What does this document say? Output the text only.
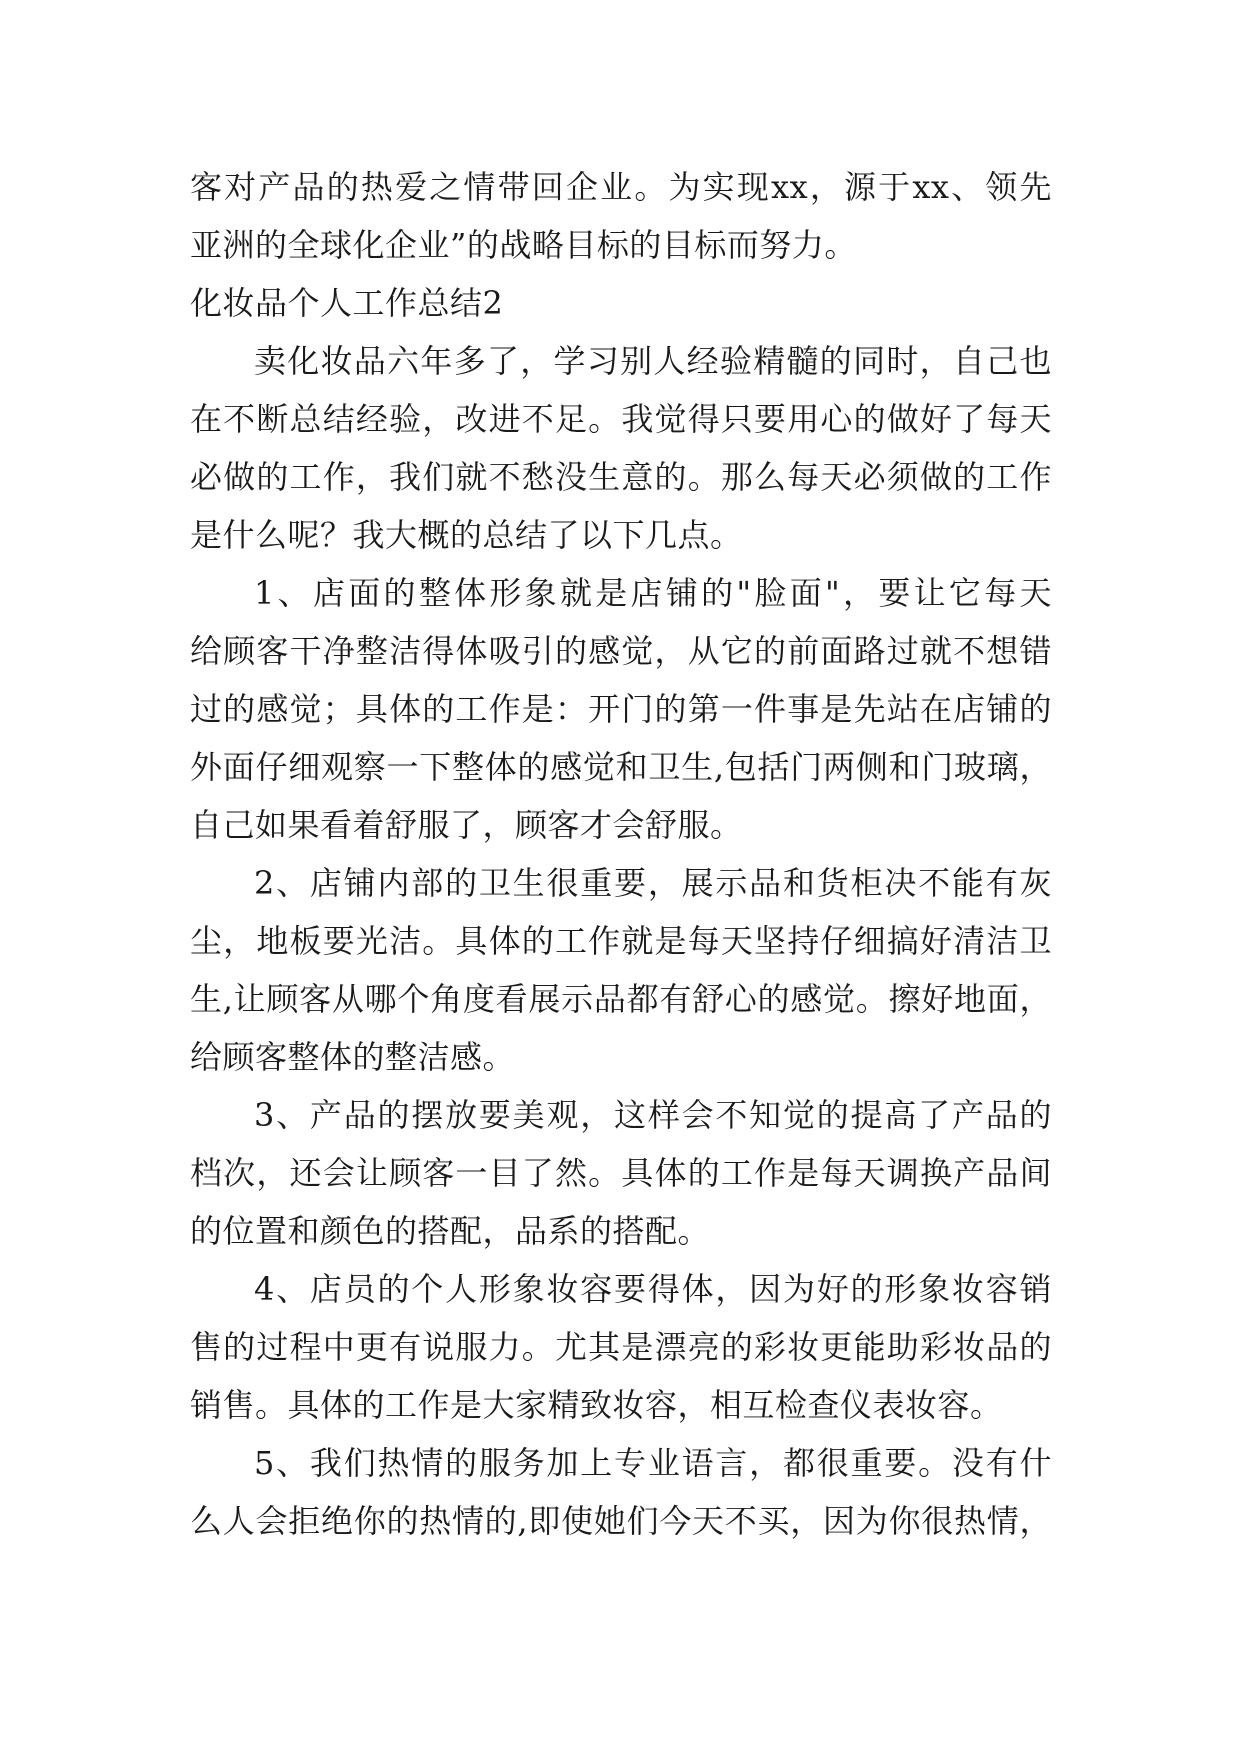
客对产品的热爱之情带回企业。为实现xx，源于xx、领先
亚洲的全球化企业”的战略目标的目标而努力。
化妆品个人工作总结2
卖化妆品六年多了，学习别人经验精髓的同时，自己也
在不断总结经验，改进不足。我觉得只要用心的做好了每天
必做的工作，我们就不愁没生意的。那么每天必须做的工作
是什么呢？我大概的总结了以下几点。
1、店面的整体形象就是店铺的"脸面"，要让它每天
给顾客干净整洁得体吸引的感觉，从它的前面路过就不想错
过的感觉；具体的工作是：开门的第一件事是先站在店铺的
外面仔细观察一下整体的感觉和卫生,包括门两侧和门玻璃，
自己如果看着舒服了，顾客才会舒服。
2、店铺内部的卫生很重要，展示品和货柜决不能有灰
尘，地板要光洁。具体的工作就是每天坚持仔细搞好清洁卫
生,让顾客从哪个角度看展示品都有舒心的感觉。擦好地面，
给顾客整体的整洁感。
3、产品的摆放要美观，这样会不知觉的提高了产品的
档次，还会让顾客一目了然。具体的工作是每天调换产品间
的位置和颜色的搭配，品系的搭配。
4、店员的个人形象妆容要得体，因为好的形象妆容销
售的过程中更有说服力。尤其是漂亮的彩妆更能助彩妆品的
销售。具体的工作是大家精致妆容，相互检查仪表妆容。
5、我们热情的服务加上专业语言，都很重要。没有什
么人会拒绝你的热情的,即使她们今天不买，因为你很热情，
